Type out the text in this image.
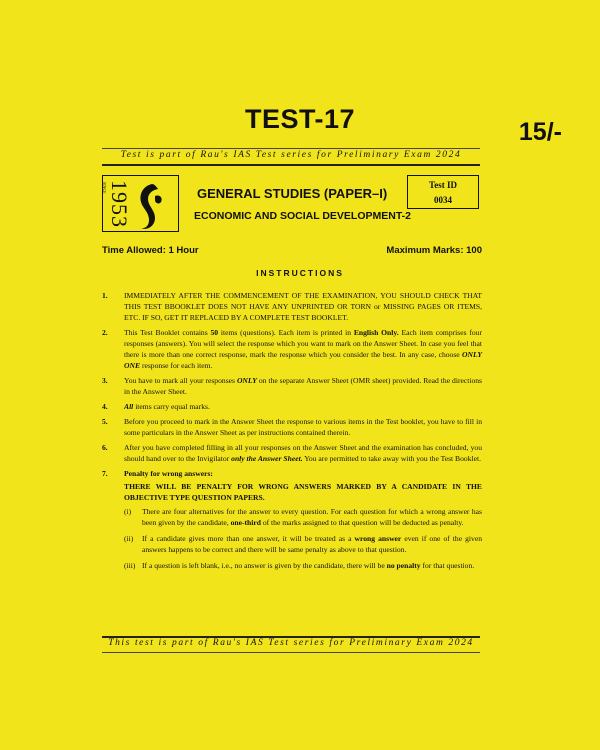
TEST-17	15/-
Test is part of Rau's IAS Test series for Preliminary Exam 2024
SINCE 1953	GENERAL STUDIES (PAPER–I)
ECONOMIC AND SOCIAL DEVELOPMENT-2
Test ID
0034
Time Allowed: 1 Hour	Maximum Marks: 100
INSTRUCTIONS
1. IMMEDIATELY AFTER THE COMMENCEMENT OF THE EXAMINATION, YOU SHOULD CHECK THAT THIS TEST BBOOKLET DOES NOT HAVE ANY UNPRINTED OR TORN or MISSING PAGES OR ITEMS, ETC. IF SO, GET IT REPLACED BY A COMPLETE TEST BOOKLET.
2. This Test Booklet contains 50 items (questions). Each item is printed in English Only. Each item comprises four responses (answers). You will select the response which you want to mark on the Answer Sheet. In case you feel that there is more than one correct response, mark the response which you consider the best. In any case, choose ONLY ONE response for each item.
3. You have to mark all your responses ONLY on the separate Answer Sheet (OMR sheet) provided. Read the directions in the Answer Sheet.
4. All items carry equal marks.
5. Before you proceed to mark in the Answer Sheet the response to various items in the Test booklet, you have to fill in some particulars in the Answer Sheet as per instructions contained therein.
6. After you have completed filling in all your responses on the Answer Sheet and the examination has concluded, you should hand over to the Invigilator only the Answer Sheet. You are permitted to take away with you the Test Booklet.
7. Penalty for wrong answers:
THERE WILL BE PENALTY FOR WRONG ANSWERS MARKED BY A CANDIDATE IN THE OBJECTIVE TYPE QUESTION PAPERS.
(i) There are four alternatives for the answer to every question. For each question for which a wrong answer has been given by the candidate, one-third of the marks assigned to that question will be deducted as penalty.
(ii) If a candidate gives more than one answer, it will be treated as a wrong answer even if one of the given answers happens to be correct and there will be same penalty as above to that question.
(iii) If a question is left blank, i.e., no answer is given by the candidate, there will be no penalty for that question.
This test is part of Rau's IAS Test series for Preliminary Exam 2024
